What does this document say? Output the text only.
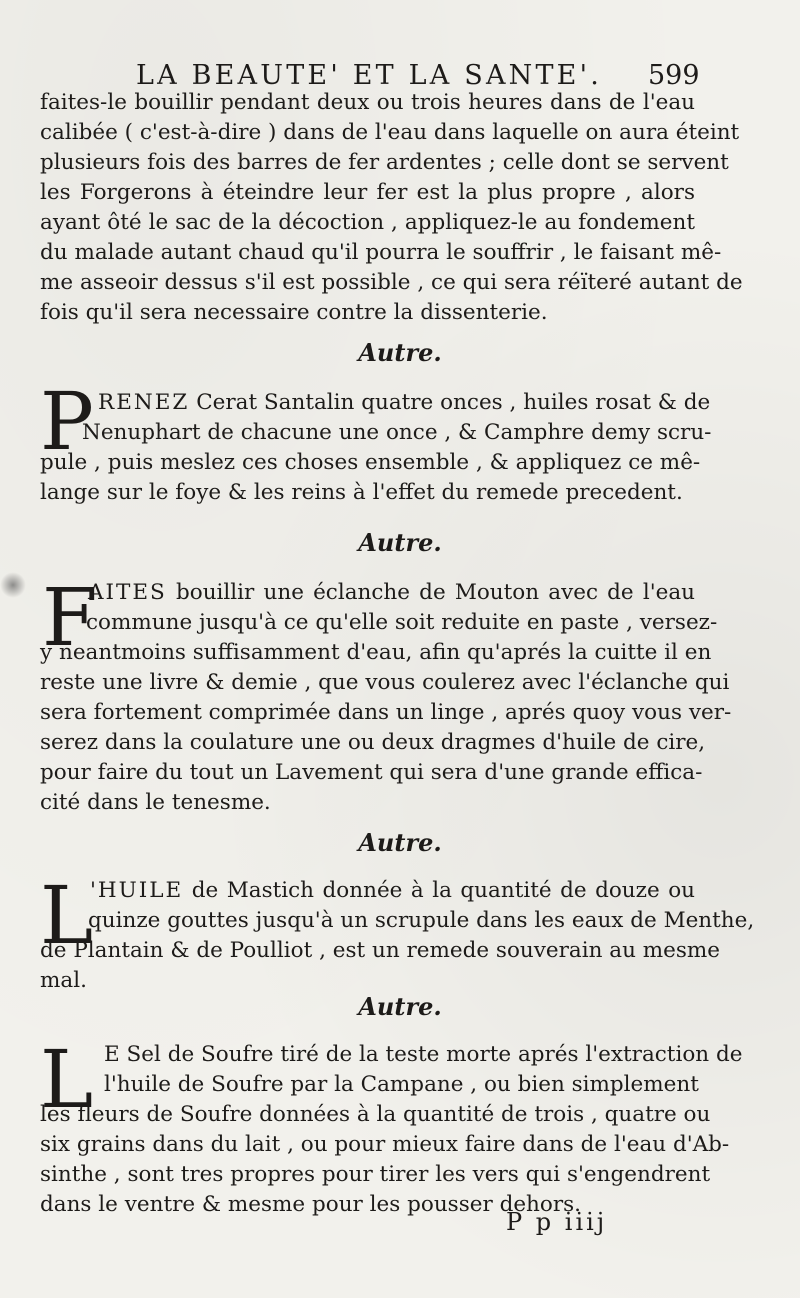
LA BEAUTE' ET LA SANTE'. 599
faites-le bouillir pendant deux ou trois heures dans de l'eau
calibée ( c'est-à-dire ) dans de l'eau dans laquelle on aura éteint
plusieurs fois des barres de fer ardentes ; celle dont se servent
les Forgerons à éteindre leur fer est la plus propre , alors
ayant ôté le sac de la décoction , appliquez-le au fondement
du malade autant chaud qu'il pourra le souffrir , le faisant mê-
me asseoir dessus s'il est possible , ce qui sera réïteré autant de
fois qu'il sera necessaire contre la dissenterie.
Autre.
P RENEZ Cerat Santalin quatre onces , huiles rosat & de
Nenuphart de chacune une once , & Camphre demy scru-
pule , puis meslez ces choses ensemble , & appliquez ce mê-
lange sur le foye & les reins à l'effet du remede precedent.
Autre.
F
AITES bouillir une éclanche de Mouton avec de l'eau
commune jusqu'à ce qu'elle soit reduite en paste , versez-
y neantmoins suffisamment d'eau, afin qu'aprés la cuitte il en
reste une livre & demie , que vous coulerez avec l'éclanche qui
sera fortement comprimée dans un linge , aprés quoy vous ver-
serez dans la coulature une ou deux dragmes d'huile de cire,
pour faire du tout un Lavement qui sera d'une grande effica-
cité dans le tenesme.
Autre.
L
'HUILE de Mastich donnée à la quantité de douze ou
quinze gouttes jusqu'à un scrupule dans les eaux de Menthe,
de Plantain & de Poulliot , est un remede souverain au mesme
mal.
Autre.
L E Sel de Soufre tiré de la teste morte aprés l'extraction de
l'huile de Soufre par la Campane , ou bien simplement
les fleurs de Soufre données à la quantité de trois , quatre ou
six grains dans du lait , ou pour mieux faire dans de l'eau d'Ab-
sinthe , sont tres propres pour tirer les vers qui s'engendrent
dans le ventre & mesme pour les pousser dehors.
P p iiij
